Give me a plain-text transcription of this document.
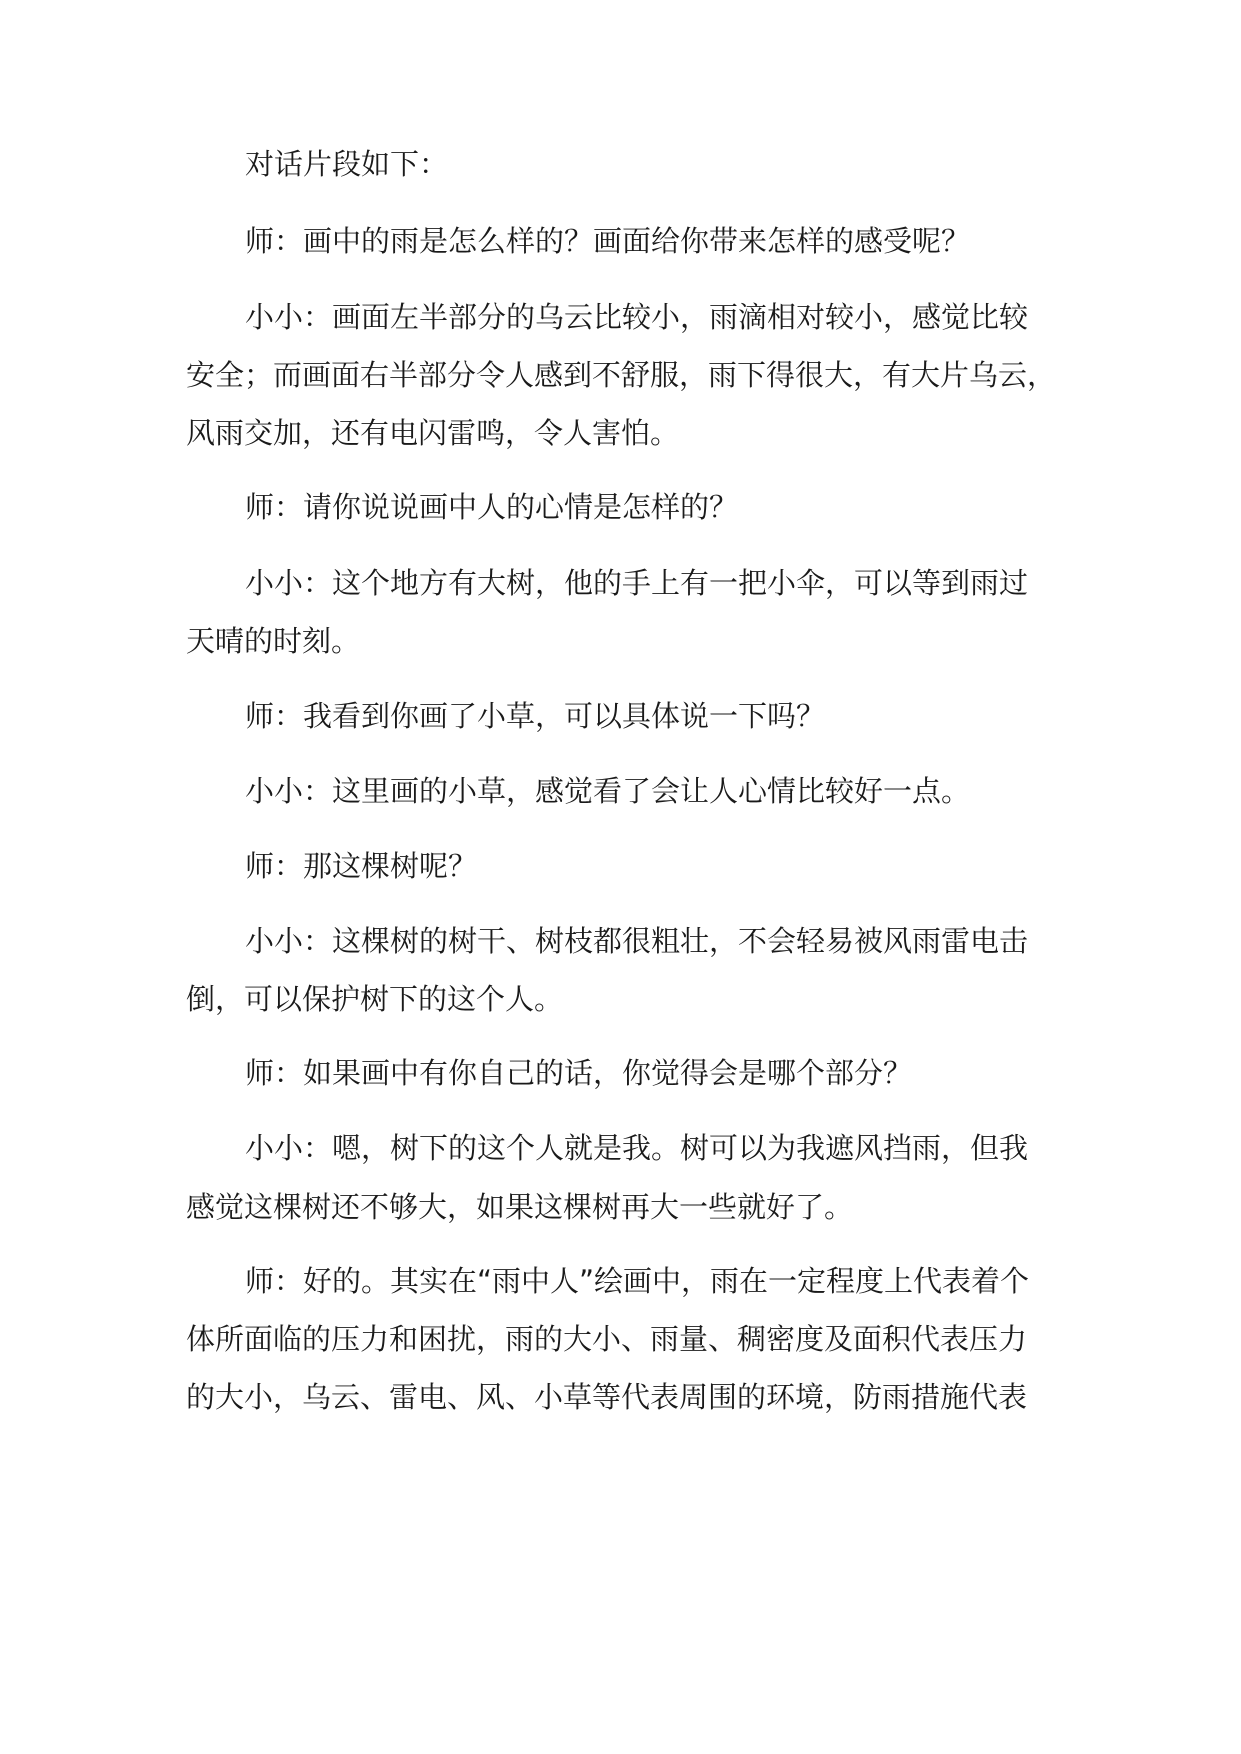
对话片段如下：
师：画中的雨是怎么样的？画面给你带来怎样的感受呢？
小小：画面左半部分的乌云比较小，雨滴相对较小，感觉比较
安全；而画面右半部分令人感到不舒服，雨下得很大，有大片乌云，
风雨交加，还有电闪雷鸣，令人害怕。
师：请你说说画中人的心情是怎样的？
小小：这个地方有大树，他的手上有一把小伞，可以等到雨过
天晴的时刻。
师：我看到你画了小草，可以具体说一下吗？
小小：这里画的小草，感觉看了会让人心情比较好一点。
师：那这棵树呢？
小小：这棵树的树干、树枝都很粗壮，不会轻易被风雨雷电击
倒，可以保护树下的这个人。
师：如果画中有你自己的话，你觉得会是哪个部分？
小小：嗯，树下的这个人就是我。树可以为我遮风挡雨，但我
感觉这棵树还不够大，如果这棵树再大一些就好了。
师：好的。其实在“雨中人”绘画中，雨在一定程度上代表着个
体所面临的压力和困扰，雨的大小、雨量、稠密度及面积代表压力
的大小，乌云、雷电、风、小草等代表周围的环境，防雨措施代表
